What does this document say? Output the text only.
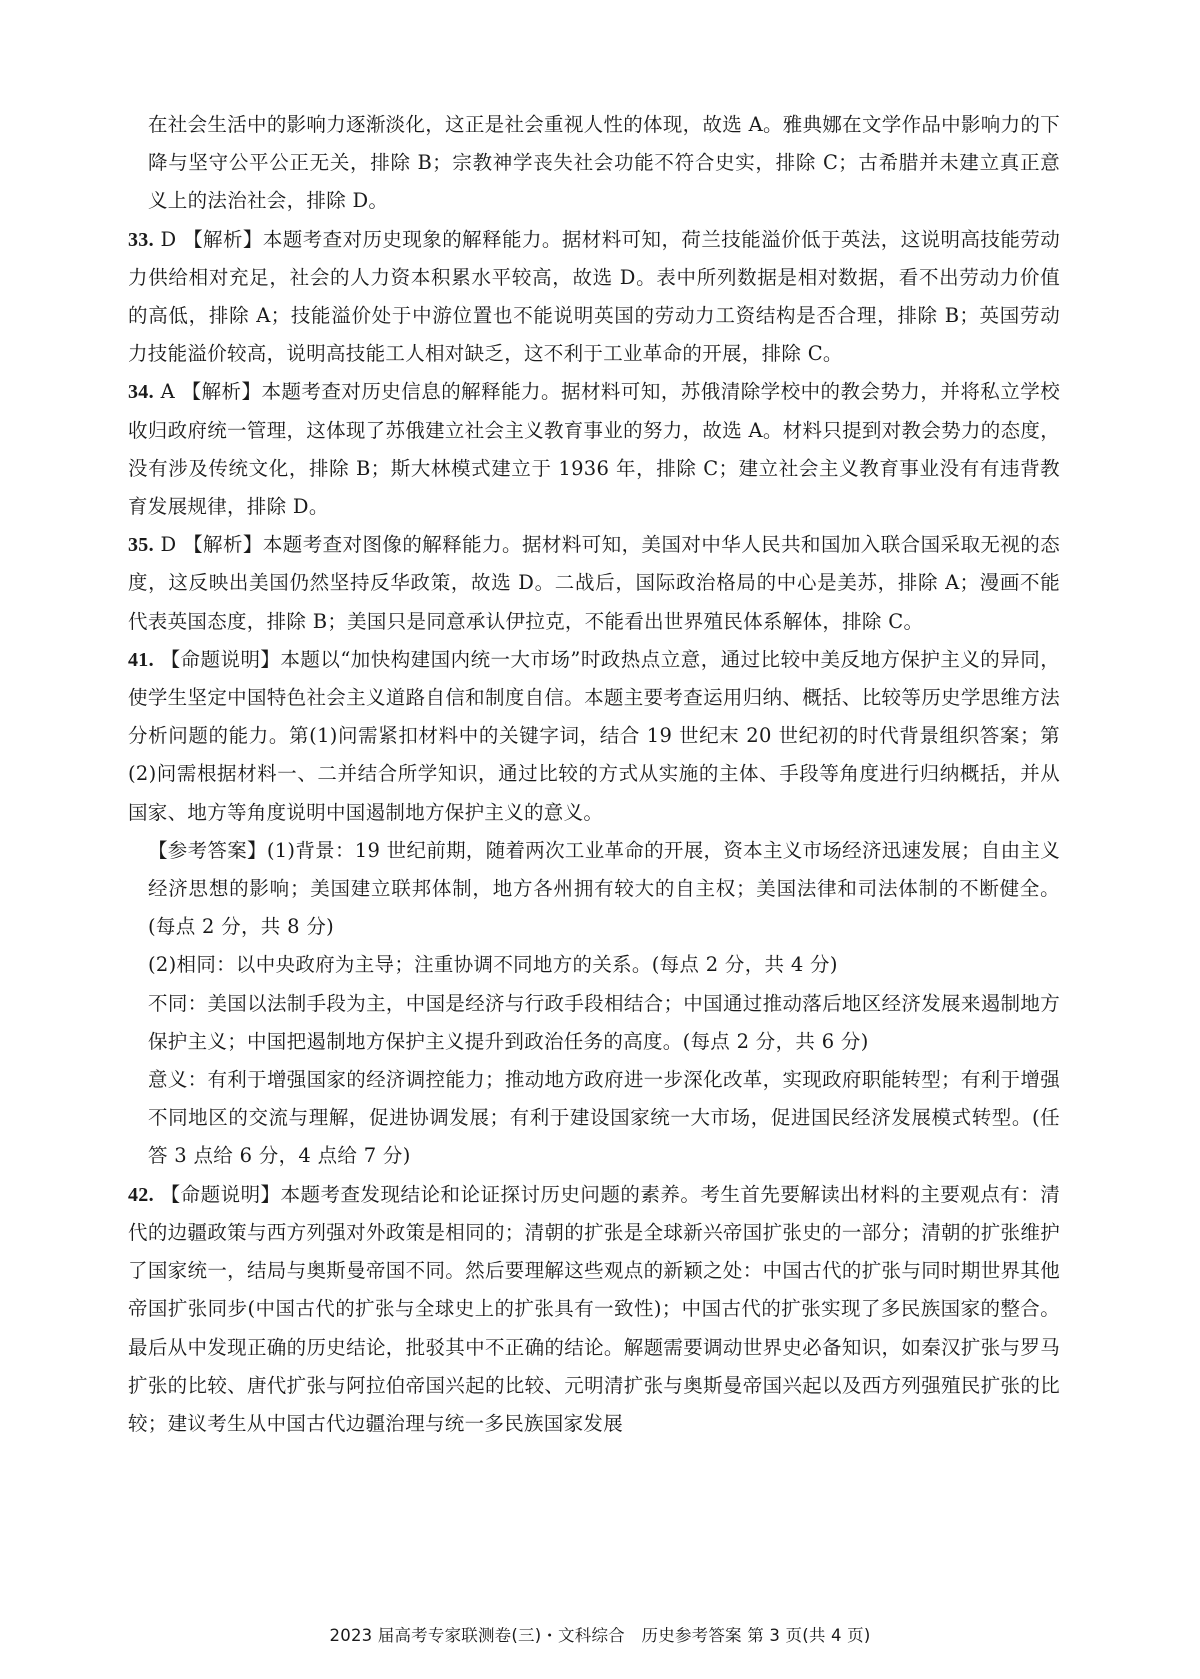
在社会生活中的影响力逐渐淡化，这正是社会重视人性的体现，故选 A。雅典娜在文学作品中影响力的下降与坚守公平公正无关，排除 B；宗教神学丧失社会功能不符合史实，排除 C；古希腊并未建立真正意义上的法治社会，排除 D。

33. D 【解析】本题考查对历史现象的解释能力。据材料可知，荷兰技能溢价低于英法，这说明高技能劳动力供给相对充足，社会的人力资本积累水平较高，故选 D。表中所列数据是相对数据，看不出劳动力价值的高低，排除 A；技能溢价处于中游位置也不能说明英国的劳动力工资结构是否合理，排除 B；英国劳动力技能溢价较高，说明高技能工人相对缺乏，这不利于工业革命的开展，排除 C。

34. A 【解析】本题考查对历史信息的解释能力。据材料可知，苏俄清除学校中的教会势力，并将私立学校收归政府统一管理，这体现了苏俄建立社会主义教育事业的努力，故选 A。材料只提到对教会势力的态度，没有涉及传统文化，排除 B；斯大林模式建立于 1936 年，排除 C；建立社会主义教育事业没有有违背教育发展规律，排除 D。

35. D 【解析】本题考查对图像的解释能力。据材料可知，美国对中华人民共和国加入联合国采取无视的态度，这反映出美国仍然坚持反华政策，故选 D。二战后，国际政治格局的中心是美苏，排除 A；漫画不能代表英国态度，排除 B；美国只是同意承认伊拉克，不能看出世界殖民体系解体，排除 C。

41. 【命题说明】本题以“加快构建国内统一大市场”时政热点立意，通过比较中美反地方保护主义的异同，使学生坚定中国特色社会主义道路自信和制度自信。本题主要考查运用归纳、概括、比较等历史学思维方法分析问题的能力。第(1)问需紧扣材料中的关键字词，结合 19 世纪末 20 世纪初的时代背景组织答案；第(2)问需根据材料一、二并结合所学知识，通过比较的方式从实施的主体、手段等角度进行归纳概括，并从国家、地方等角度说明中国遏制地方保护主义的意义。

【参考答案】(1)背景：19 世纪前期，随着两次工业革命的开展，资本主义市场经济迅速发展；自由主义经济思想的影响；美国建立联邦体制，地方各州拥有较大的自主权；美国法律和司法体制的不断健全。(每点 2 分，共 8 分)

(2)相同：以中央政府为主导；注重协调不同地方的关系。(每点 2 分，共 4 分)

不同：美国以法制手段为主，中国是经济与行政手段相结合；中国通过推动落后地区经济发展来遏制地方保护主义；中国把遏制地方保护主义提升到政治任务的高度。(每点 2 分，共 6 分)

意义：有利于增强国家的经济调控能力；推动地方政府进一步深化改革，实现政府职能转型；有利于增强不同地区的交流与理解，促进协调发展；有利于建设国家统一大市场，促进国民经济发展模式转型。(任答 3 点给 6 分，4 点给 7 分)

42. 【命题说明】本题考查发现结论和论证探讨历史问题的素养。考生首先要解读出材料的主要观点有：清代的边疆政策与西方列强对外政策是相同的；清朝的扩张是全球新兴帝国扩张史的一部分；清朝的扩张维护了国家统一，结局与奥斯曼帝国不同。然后要理解这些观点的新颖之处：中国古代的扩张与同时期世界其他帝国扩张同步(中国古代的扩张与全球史上的扩张具有一致性)；中国古代的扩张实现了多民族国家的整合。最后从中发现正确的历史结论，批驳其中不正确的结论。解题需要调动世界史必备知识，如秦汉扩张与罗马扩张的比较、唐代扩张与阿拉伯帝国兴起的比较、元明清扩张与奥斯曼帝国兴起以及西方列强殖民扩张的比较；建议考生从中国古代边疆治理与统一多民族国家发展

2023 届高考专家联测卷(三)・文科综合　历史参考答案 第 3 页(共 4 页)
